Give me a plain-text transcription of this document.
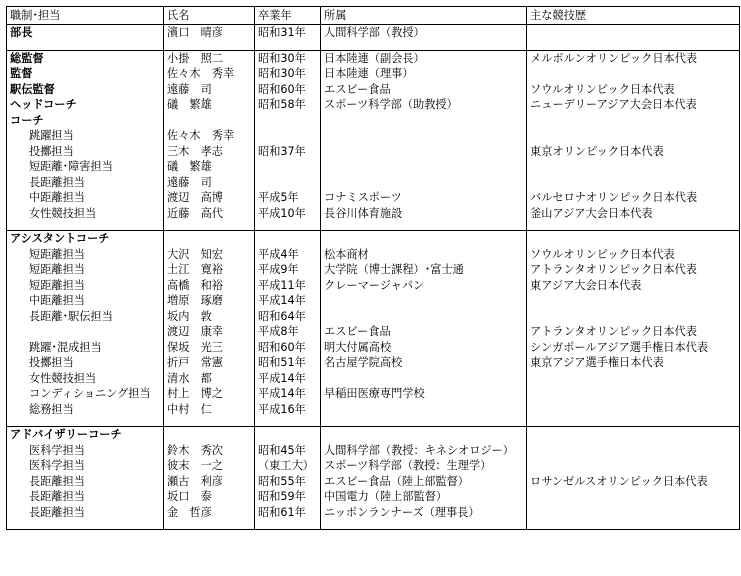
職制･担当	氏名	卒業年	所属	主な競技歴
部長	濱口　晴彦	昭和31年	人間科学部（教授）	

総監督	小掛　照二	昭和30年	日本陸連（副会長）	メルボルンオリンピック日本代表
監督	佐々木　秀幸	昭和30年	日本陸連（理事）	
駅伝監督	遠藤　司	昭和60年	エスビー食品	ソウルオリンピック日本代表
ヘッドコーチ	礒　繁雄	昭和58年	スポーツ科学部（助教授）	ニューデリーアジア大会日本代表
コーチ				
跳躍担当	佐々木　秀幸			
投擲担当	三木　孝志	昭和37年		東京オリンピック日本代表
短距離･障害担当	礒　繁雄			
長距離担当	遠藤　司			
中距離担当	渡辺　高博	平成5年	コナミスポーツ	バルセロナオリンピック日本代表
女性競技担当	近藤　高代	平成10年	長谷川体育施設	釜山アジア大会日本代表

アシスタントコーチ				
短距離担当	大沢　知宏	平成4年	松本商材	ソウルオリンピック日本代表
短距離担当	土江　寛裕	平成9年	大学院（博士課程）･富士通	アトランタオリンピック日本代表
短距離担当	高橋　和裕	平成11年	クレーマージャパン	東アジア大会日本代表
中距離担当	増原　琢磨	平成14年		
長距離･駅伝担当	坂内　敦	昭和64年		
	渡辺　康幸	平成8年	エスビー食品	アトランタオリンピック日本代表
跳躍･混成担当	保坂　光三	昭和60年	明大付属高校	シンガポールアジア選手権日本代表
投擲担当	折戸　常憲	昭和51年	名古屋学院高校	東京アジア選手権日本代表
女性競技担当	清水　都	平成14年		
コンディショニング担当	村上　博之	平成14年	早稲田医療専門学校	
総務担当	中村　仁	平成16年		

アドバイザリーコーチ				
医科学担当	鈴木　秀次	昭和45年	人間科学部（教授：キネシオロジー）	
医科学担当	彼末　一之	（東工大）	スポーツ科学部（教授：生理学）	
長距離担当	瀬古　利彦	昭和55年	エスビー食品（陸上部監督）	ロサンゼルスオリンピック日本代表
長距離担当	坂口　泰	昭和59年	中国電力（陸上部監督）	
長距離担当	金　哲彦	昭和61年	ニッポンランナーズ（理事長）	
